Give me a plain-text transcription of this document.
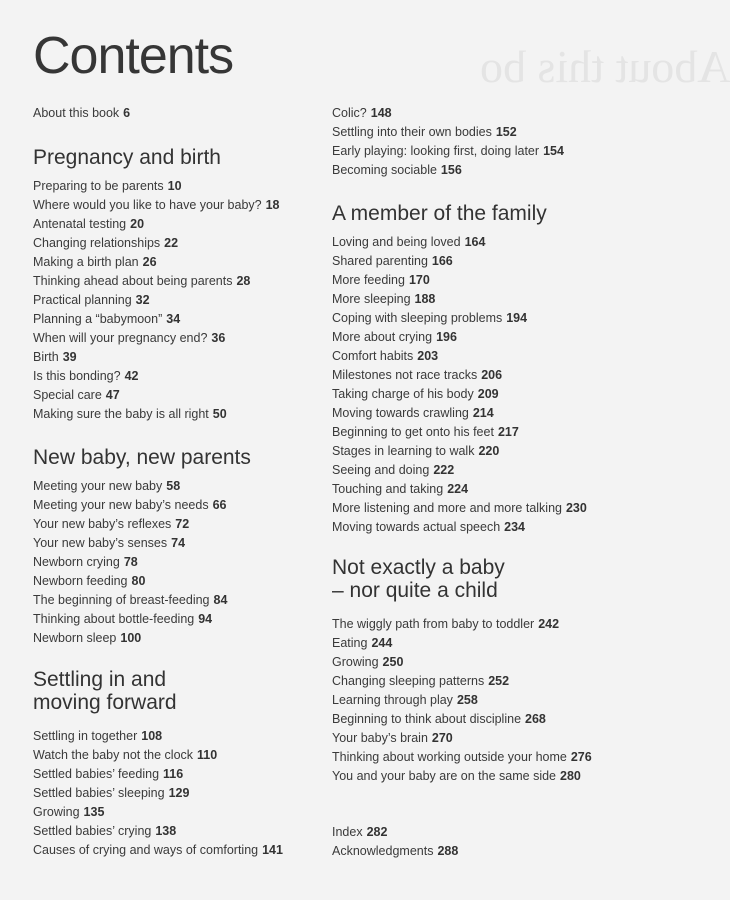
About this bo
Contents
About this book 6
Pregnancy and birth
Preparing to be parents 10
Where would you like to have your baby? 18
Antenatal testing 20
Changing relationships 22
Making a birth plan 26
Thinking ahead about being parents 28
Practical planning 32
Planning a “babymoon” 34
When will your pregnancy end? 36
Birth 39
Is this bonding? 42
Special care 47
Making sure the baby is all right 50
New baby, new parents
Meeting your new baby 58
Meeting your new baby’s needs 66
Your new baby’s reflexes 72
Your new baby’s senses 74
Newborn crying 78
Newborn feeding 80
The beginning of breast-feeding 84
Thinking about bottle-feeding 94
Newborn sleep 100
Settling in and
moving forward
Settling in together 108
Watch the baby not the clock 110
Settled babies’ feeding 116
Settled babies’ sleeping 129
Growing 135
Settled babies’ crying 138
Causes of crying and ways of comforting 141
Colic? 148
Settling into their own bodies 152
Early playing: looking first, doing later 154
Becoming sociable 156
A member of the family
Loving and being loved 164
Shared parenting 166
More feeding 170
More sleeping 188
Coping with sleeping problems 194
More about crying 196
Comfort habits 203
Milestones not race tracks 206
Taking charge of his body 209
Moving towards crawling 214
Beginning to get onto his feet 217
Stages in learning to walk 220
Seeing and doing 222
Touching and taking 224
More listening and more and more talking 230
Moving towards actual speech 234
Not exactly a baby
– nor quite a child
The wiggly path from baby to toddler 242
Eating 244
Growing 250
Changing sleeping patterns 252
Learning through play 258
Beginning to think about discipline 268
Your baby’s brain 270
Thinking about working outside your home 276
You and your baby are on the same side 280
Index 282
Acknowledgments 288
